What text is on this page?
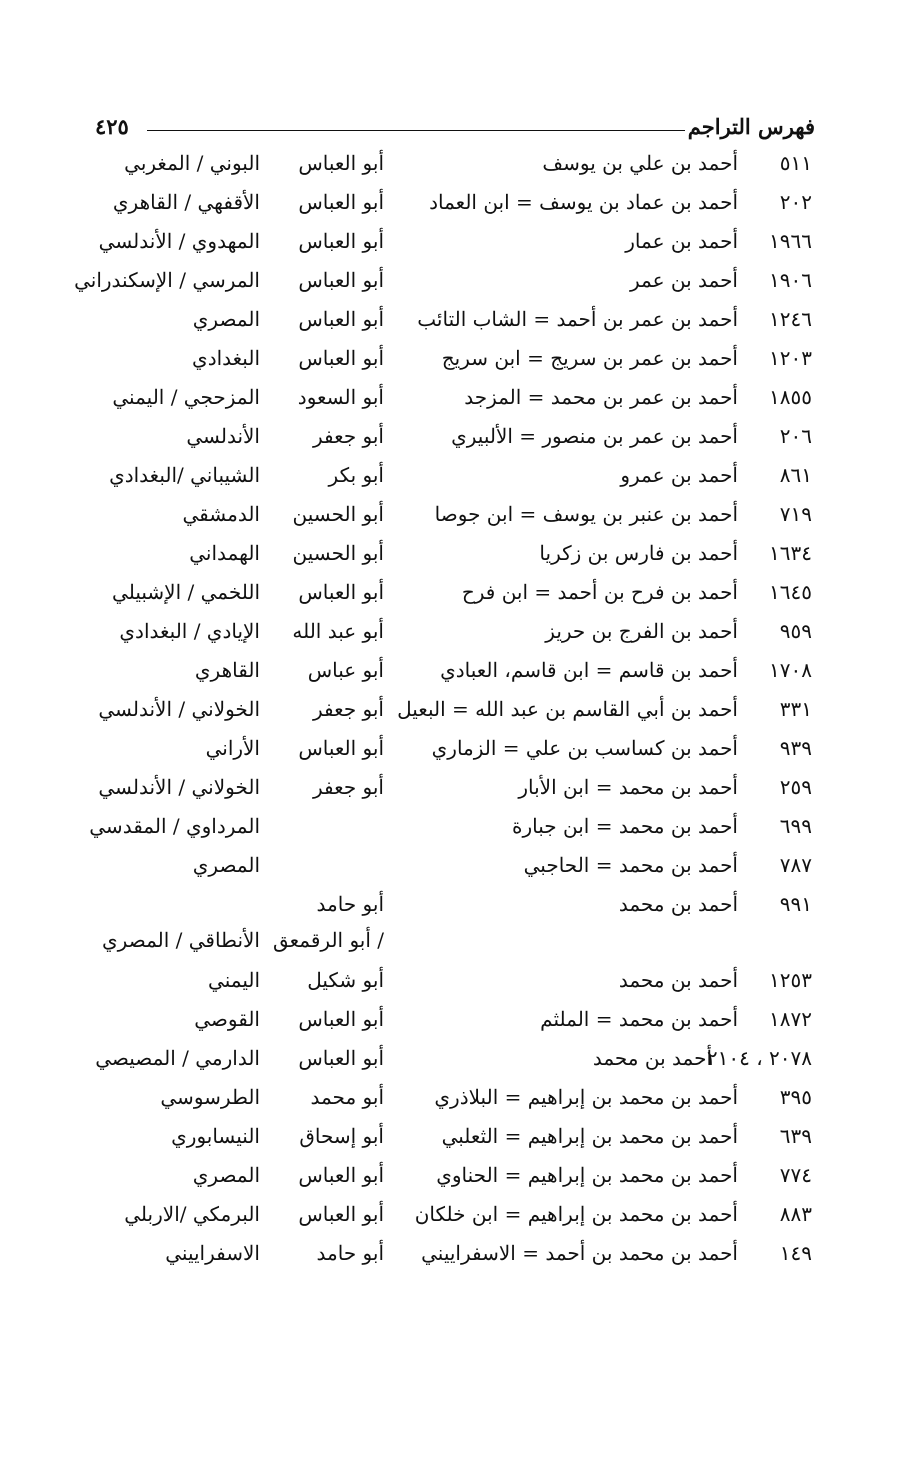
فهرس التراجم
٤٢٥
٥١١
أحمد بن علي بن يوسف
أبو العباس
البوني / المغربي
٢٠٢
أحمد بن عماد بن يوسف = ابن العماد
أبو العباس
الأقفهي / القاهري
١٩٦٦
أحمد بن عمار
أبو العباس
المهدوي / الأندلسي
١٩٠٦
أحمد بن عمر
أبو العباس
المرسي / الإسكندراني
١٢٤٦
أحمد بن عمر بن أحمد = الشاب التائب
أبو العباس
المصري
١٢٠٣
أحمد بن عمر بن سريج = ابن سريج
أبو العباس
البغدادي
١٨٥٥
أحمد بن عمر بن محمد = المزجد
أبو السعود
المزحجي / اليمني
٢٠٦
أحمد بن عمر بن منصور = الألبيري
أبو جعفر
الأندلسي
٨٦١
أحمد بن عمرو
أبو بكر
الشيباني /البغدادي
٧١٩
أحمد بن عنبر بن يوسف = ابن جوصا
أبو الحسين
الدمشقي
١٦٣٤
أحمد بن فارس بن زكريا
أبو الحسين
الهمداني
١٦٤٥
أحمد بن فرح بن أحمد = ابن فرح
أبو العباس
اللخمي / الإشبيلي
٩٥٩
أحمد بن الفرج بن حريز
أبو عبد الله
الإيادي / البغدادي
١٧٠٨
أحمد بن قاسم = ابن قاسم، العبادي
أبو عباس
القاهري
٣٣١
أحمد بن أبي القاسم بن عبد الله = البعيل
أبو جعفر
الخولاني / الأندلسي
٩٣٩
أحمد بن كساسب بن علي = الزماري
أبو العباس
الأراني
٢٥٩
أحمد بن محمد = ابن الأبار
أبو جعفر
الخولاني / الأندلسي
٦٩٩
أحمد بن محمد = ابن جبارة
المرداوي / المقدسي
٧٨٧
أحمد بن محمد = الحاجبي
المصري
٩٩١
أحمد بن محمد
أبو حامد
/ أبو الرقمعق
الأنطاقي / المصري
١٢٥٣
أحمد بن محمد
أبو شكيل
اليمني
١٨٧٢
أحمد بن محمد = الملثم
أبو العباس
القوصي
٢٠٧٨ ، ٢١٠٤
أحمد بن محمد
أبو العباس
الدارمي / المصيصي
٣٩٥
أحمد بن محمد بن إبراهيم = البلاذري
أبو محمد
الطرسوسي
٦٣٩
أحمد بن محمد بن إبراهيم = الثعلبي
أبو إسحاق
النيسابوري
٧٧٤
أحمد بن محمد بن إبراهيم = الحناوي
أبو العباس
المصري
٨٨٣
أحمد بن محمد بن إبراهيم = ابن خلكان
أبو العباس
البرمكي /الاربلي
١٤٩
أحمد بن محمد بن أحمد = الاسفراييني
أبو حامد
الاسفراييني
